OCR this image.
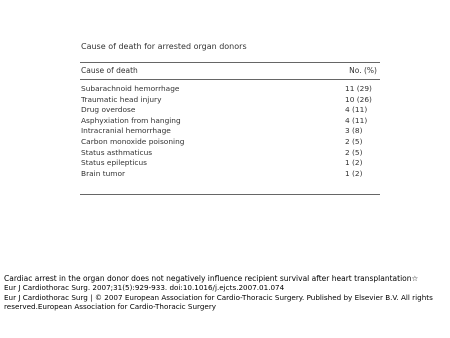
Cause of death for arrested organ donors
Cause of death	No. (%)
Subarachnoid hemorrhage	11 (29)
Traumatic head injury	10 (26)
Drug overdose	4 (11)
Asphyxiation from hanging	4 (11)
Intracranial hemorrhage	3 (8)
Carbon monoxide poisoning	2 (5)
Status asthmaticus	2 (5)
Status epilepticus	1 (2)
Brain tumor	1 (2)
Cardiac arrest in the organ donor does not negatively influence recipient survival after heart transplantation☆
Eur J Cardiothorac Surg. 2007;31(5):929-933. doi:10.1016/j.ejcts.2007.01.074
Eur J Cardiothorac Surg | © 2007 European Association for Cardio-Thoracic Surgery. Published by Elsevier B.V. All rights
reserved.European Association for Cardio-Thoracic Surgery
